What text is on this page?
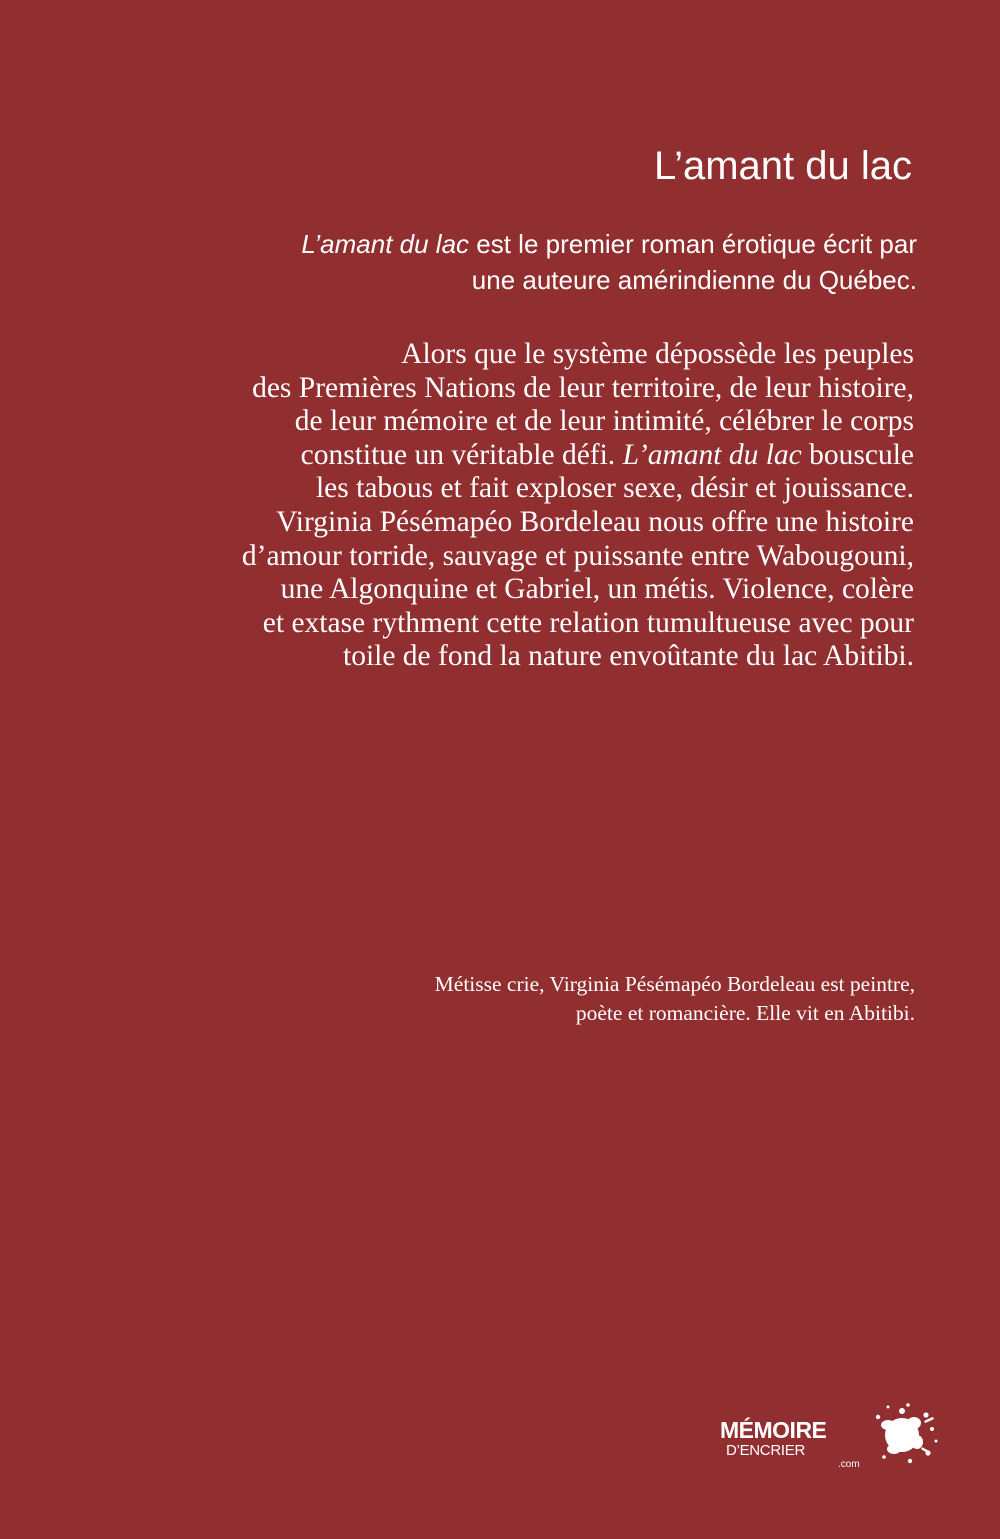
L’amant du lac

L’amant du lac est le premier roman érotique écrit par
une auteure amérindienne du Québec.

Alors que le système dépossède les peuples
des Premières Nations de leur territoire, de leur histoire,
de leur mémoire et de leur intimité, célébrer le corps
constitue un véritable défi. L’amant du lac bouscule
les tabous et fait exploser sexe, désir et jouissance.
Virginia Pésémapéo Bordeleau nous offre une histoire
d’amour torride, sauvage et puissante entre Wabougouni,
une Algonquine et Gabriel, un métis. Violence, colère
et extase rythment cette relation tumultueuse avec pour
toile de fond la nature envoûtante du lac Abitibi.

Métisse crie, Virginia Pésémapéo Bordeleau est peintre,
poète et romancière. Elle vit en Abitibi.

MÉMOIRE
D’ENCRIER
.com
